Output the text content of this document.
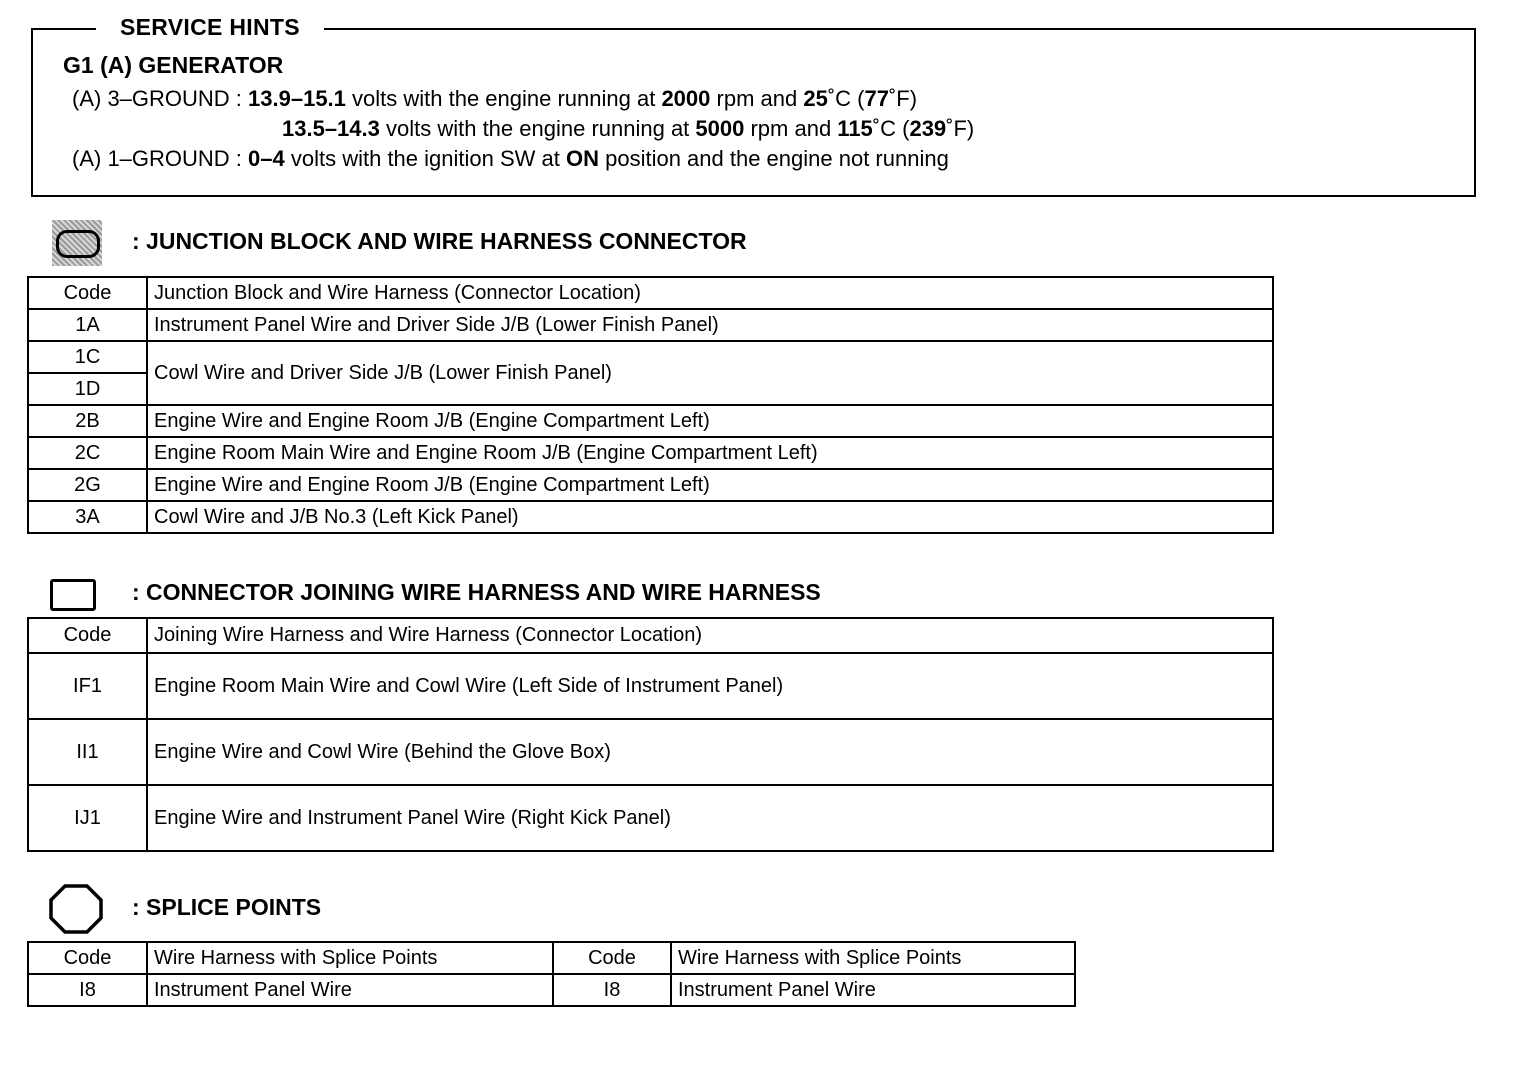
SERVICE HINTS
G1 (A) GENERATOR
(A) 3–GROUND : 13.9–15.1 volts with the engine running at 2000 rpm and 25˚C (77˚F)
13.5–14.3 volts with the engine running at 5000 rpm and 115˚C (239˚F)
(A) 1–GROUND : 0–4 volts with the ignition SW at ON position and the engine not running
: JUNCTION BLOCK AND WIRE HARNESS CONNECTOR
Code	Junction Block and Wire Harness (Connector Location)
1A	Instrument Panel Wire and Driver Side J/B (Lower Finish Panel)
1C	Cowl Wire and Driver Side J/B (Lower Finish Panel)
1D	
2B	Engine Wire and Engine Room J/B (Engine Compartment Left)
2C	Engine Room Main Wire and Engine Room J/B (Engine Compartment Left)
2G	Engine Wire and Engine Room J/B (Engine Compartment Left)
3A	Cowl Wire and J/B No.3 (Left Kick Panel)
: CONNECTOR JOINING WIRE HARNESS AND WIRE HARNESS
Code	Joining Wire Harness and Wire Harness (Connector Location)
IF1	Engine Room Main Wire and Cowl Wire (Left Side of Instrument Panel)
II1	Engine Wire and Cowl Wire (Behind the Glove Box)
IJ1	Engine Wire and Instrument Panel Wire (Right Kick Panel)
: SPLICE POINTS
Code	Wire Harness with Splice Points	Code	Wire Harness with Splice Points
I8	Instrument Panel Wire	I8	Instrument Panel Wire
